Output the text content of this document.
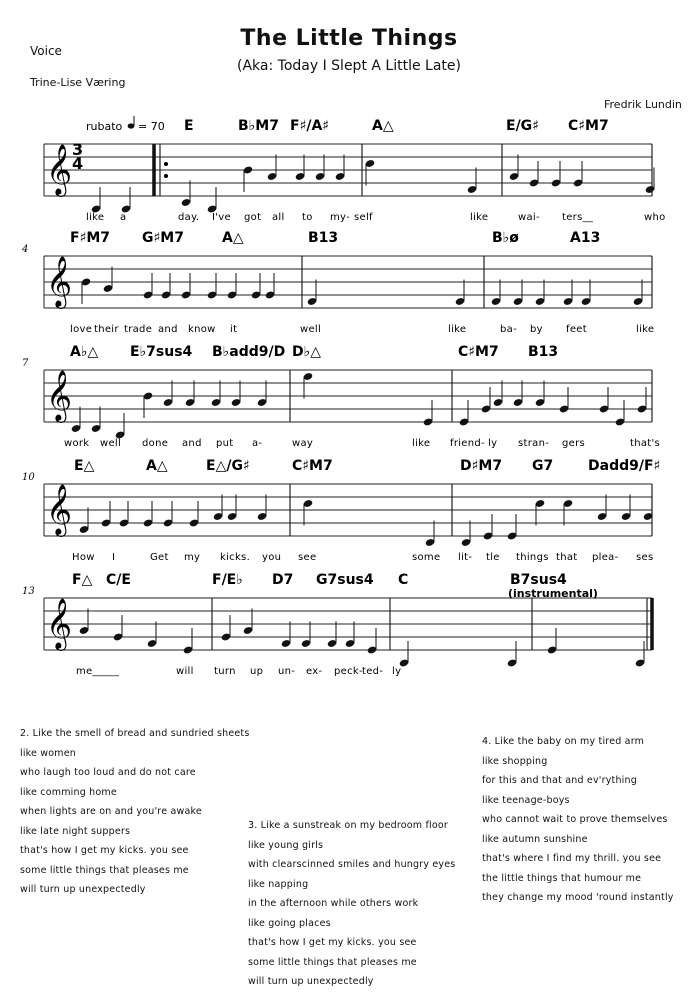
The Little Things
(Aka: Today I Slept A Little Late)
Voice
Trine-Lise Væring
Fredrik Lundin
𝄞 3
4
rubato = 70 E	B♭M7 F♯/A♯	A△	E/G♯ C♯M7
like a	day. I've got all to my- self	like	wai- ters__	who
𝄞
4
F♯M7 G♯M7	A△	B13	B♭ø	A13
love their trade and know it	well	like	ba- by feet	like
𝄞
7
A♭△ E♭7sus4 B♭add9/D D♭△	C♯M7 B13
work well done and put a-	way	like friend- ly stran- gers	that's
𝄞
10
E△	A△	E△/G♯	C♯M7	D♯M7 G7 Dadd9/F♯
How I	Get my kicks. you see	some lit- tle things that plea- ses
𝄞
13
F△ C/E	F/E♭ D7 G7sus4 C	B7sus4
(instrumental)
me_____	will turn up un- ex- peck- ted- ly
2. Like the smell of bread and sundried sheets
like women
who laugh too loud and do not care
like comming home
when lights are on and you're awake
like late night suppers
that's how I get my kicks. you see
some little things that pleases me
will turn up unexpectedly
3. Like a sunstreak on my bedroom floor
like young girls
with clearscinned smiles and hungry eyes
like napping
in the afternoon while others work
like going places
that's how I get my kicks. you see
some little things that pleases me
will turn up unexpectedly
4. Like the baby on my tired arm
like shopping
for this and that and ev'rything
like teenage-boys
who cannot wait to prove themselves
like autumn sunshine
that's where I find my thrill. you see
the little things that humour me
they change my mood 'round instantly
